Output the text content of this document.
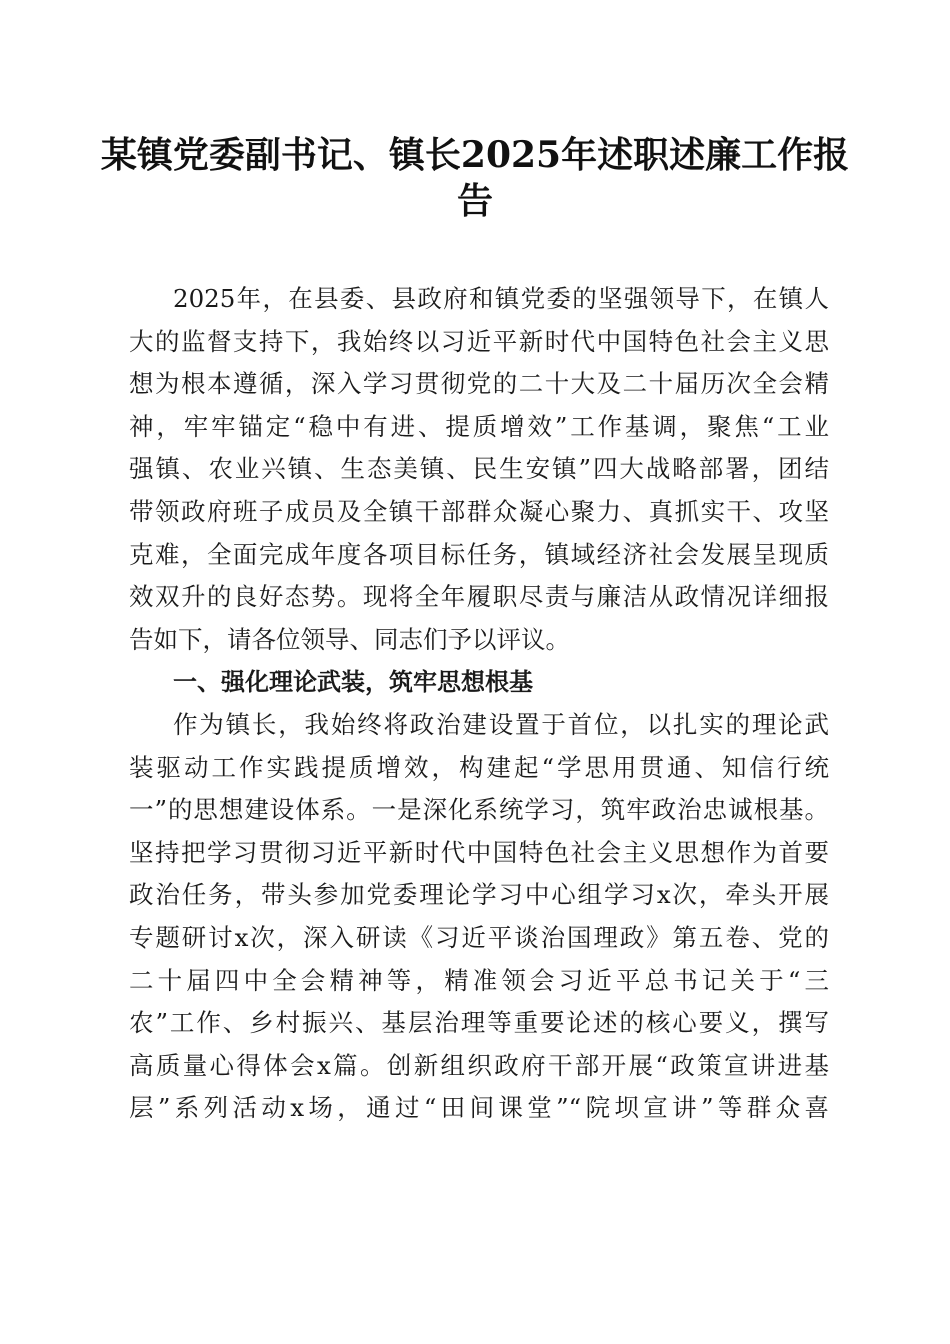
某镇党委副书记、镇长2025年述职述廉工作报告
2025年，在县委、县政府和镇党委的坚强领导下，在镇人
大的监督支持下，我始终以习近平新时代中国特色社会主义思
想为根本遵循，深入学习贯彻党的二十大及二十届历次全会精
神，牢牢锚定“稳中有进、提质增效”工作基调，聚焦“工业
强镇、农业兴镇、生态美镇、民生安镇”四大战略部署，团结
带领政府班子成员及全镇干部群众凝心聚力、真抓实干、攻坚
克难，全面完成年度各项目标任务，镇域经济社会发展呈现质
效双升的良好态势。现将全年履职尽责与廉洁从政情况详细报
告如下，请各位领导、同志们予以评议。
一、强化理论武装，筑牢思想根基
作为镇长，我始终将政治建设置于首位，以扎实的理论武
装驱动工作实践提质增效，构建起“学思用贯通、知信行统
一”的思想建设体系。一是深化系统学习，筑牢政治忠诚根基。
坚持把学习贯彻习近平新时代中国特色社会主义思想作为首要
政治任务，带头参加党委理论学习中心组学习x次，牵头开展
专题研讨x次，深入研读《习近平谈治国理政》第五卷、党的
二十届四中全会精神等，精准领会习近平总书记关于“三
农”工作、乡村振兴、基层治理等重要论述的核心要义，撰写
高质量心得体会x篇。创新组织政府干部开展“政策宣讲进基
层”系列活动x场，通过“田间课堂”“院坝宣讲”等群众喜
